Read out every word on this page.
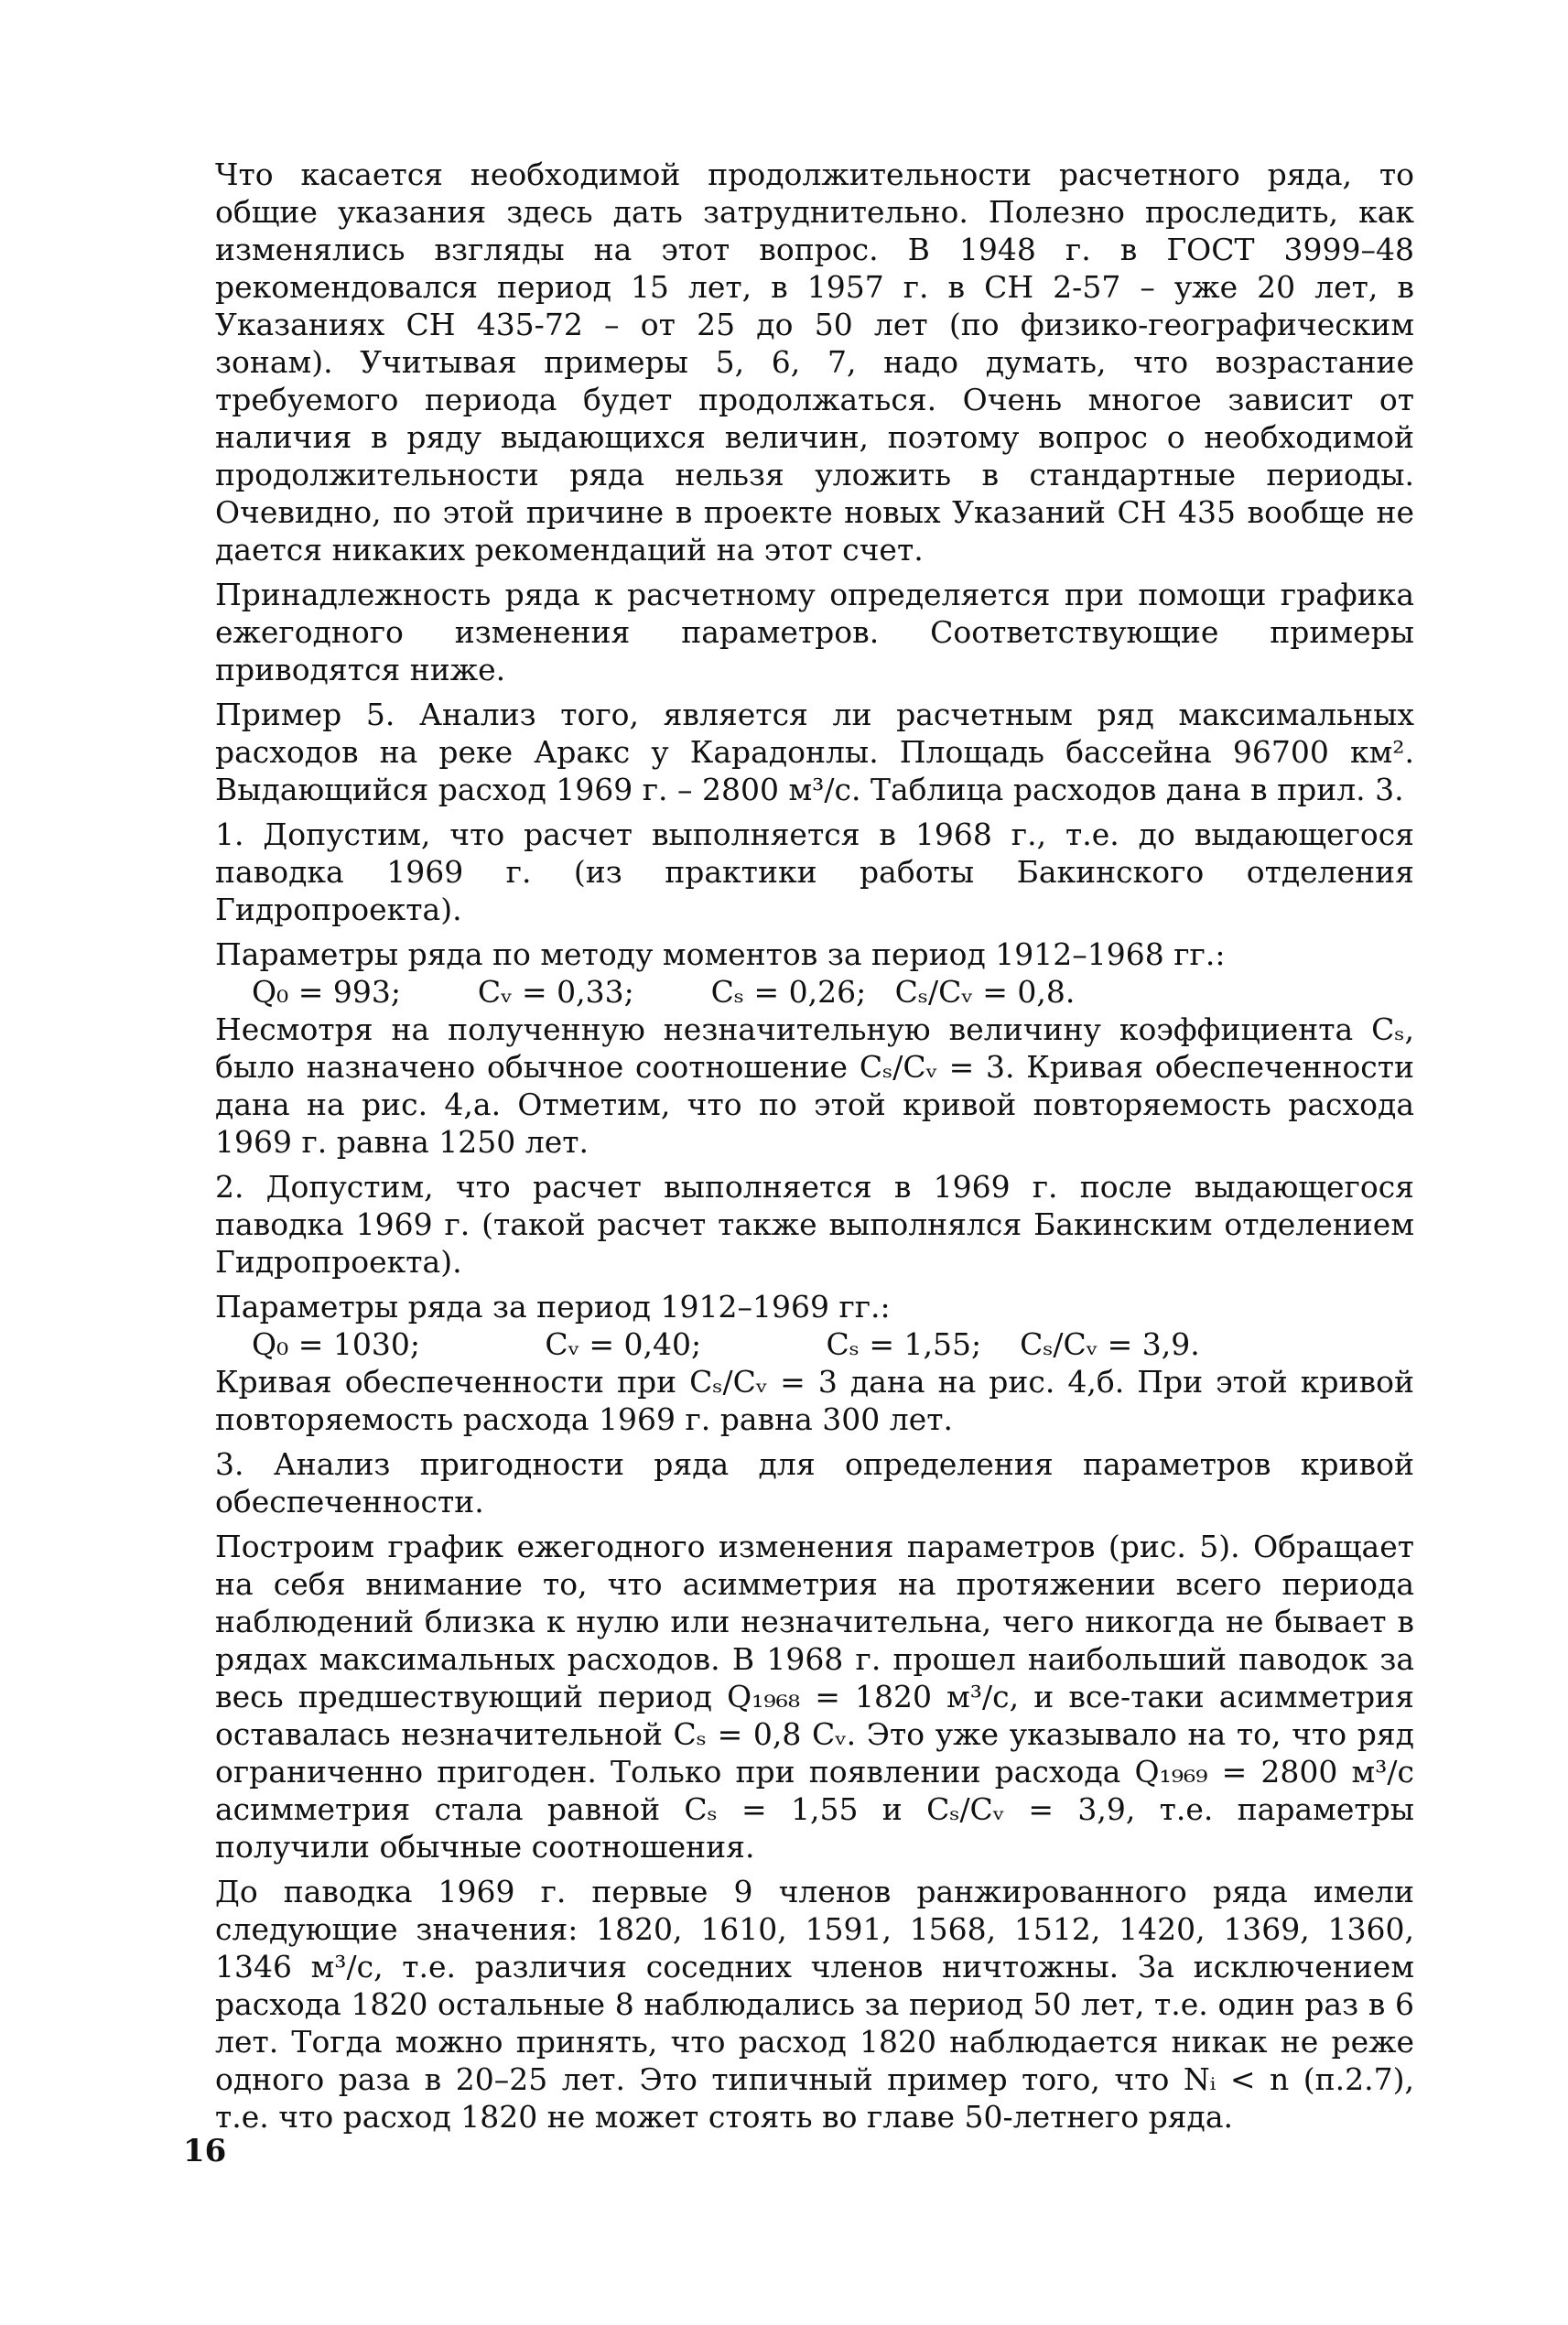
Что касается необходимой продолжительности расчетного ряда, то общие указания здесь дать затруднительно. Полезно проследить, как изменялись взгляды на этот вопрос. В 1948 г. в ГОСТ 3999–48 рекомендовался период 15 лет, в 1957 г. в СН 2-57 – уже 20 лет, в Указаниях СН 435-72 – от 25 до 50 лет (по физико-географическим зонам). Учитывая примеры 5, 6, 7, надо думать, что возрастание требуемого периода будет продолжаться. Очень многое зависит от наличия в ряду выдающихся величин, поэтому вопрос о необходимой продолжительности ряда нельзя уложить в стандартные периоды. Очевидно, по этой причине в проекте новых Указаний СН 435 вообще не дается никаких рекомендаций на этот счет.

Принадлежность ряда к расчетному определяется при помощи графика ежегодного изменения параметров. Соответствующие примеры приводятся ниже.

Пример 5. Анализ того, является ли расчетным ряд максимальных расходов на реке Аракс у Карадонлы. Площадь бассейна 96700 км². Выдающийся расход 1969 г. – 2800 м³/с. Таблица расходов дана в прил. 3.

1. Допустим, что расчет выполняется в 1968 г., т.е. до выдающегося паводка 1969 г. (из практики работы Бакинского отделения Гидропроекта).

Параметры ряда по методу моментов за период 1912–1968 гг.:

Q₀ = 993;        Cᵥ = 0,33;        Cₛ = 0,26;   Cₛ/Cᵥ = 0,8.

Несмотря на полученную незначительную величину коэффициента Cₛ, было назначено обычное соотношение Cₛ/Cᵥ = 3. Кривая обеспеченности дана на рис. 4,а. Отметим, что по этой кривой повторяемость расхода 1969 г. равна 1250 лет.

2. Допустим, что расчет выполняется в 1969 г. после выдающегося паводка 1969 г. (такой расчет также выполнялся Бакинским отделением Гидропроекта).

Параметры ряда за период 1912–1969 гг.:

Q₀ = 1030;             Cᵥ = 0,40;             Cₛ = 1,55;    Cₛ/Cᵥ = 3,9.

Кривая обеспеченности при Cₛ/Cᵥ = 3 дана на рис. 4,б. При этой кривой повторяемость расхода 1969 г. равна 300 лет.

3. Анализ пригодности ряда для определения параметров кривой обеспеченности.

Построим график ежегодного изменения параметров (рис. 5). Обращает на себя внимание то, что асимметрия на протяжении всего периода наблюдений близка к нулю или незначительна, чего никогда не бывает в рядах максимальных расходов. В 1968 г. прошел наибольший паводок за весь предшествующий период Q₁₉₆₈ = 1820 м³/с, и все-таки асимметрия оставалась незначительной Cₛ = 0,8 Cᵥ. Это уже указывало на то, что ряд ограниченно пригоден. Только при появлении расхода Q₁₉₆₉ = 2800 м³/с асимметрия стала равной Cₛ = 1,55 и Cₛ/Cᵥ = 3,9, т.е. параметры получили обычные соотношения.

До паводка 1969 г. первые 9 членов ранжированного ряда имели следующие значения: 1820, 1610, 1591, 1568, 1512, 1420, 1369, 1360, 1346 м³/с, т.е. различия соседних членов ничтожны. За исключением расхода 1820 остальные 8 наблюдались за период 50 лет, т.е. один раз в 6 лет. Тогда можно принять, что расход 1820 наблюдается никак не реже одного раза в 20–25 лет. Это типичный пример того, что Nᵢ < n (п.2.7), т.е. что расход 1820 не может стоять во главе 50-летнего ряда.

16
